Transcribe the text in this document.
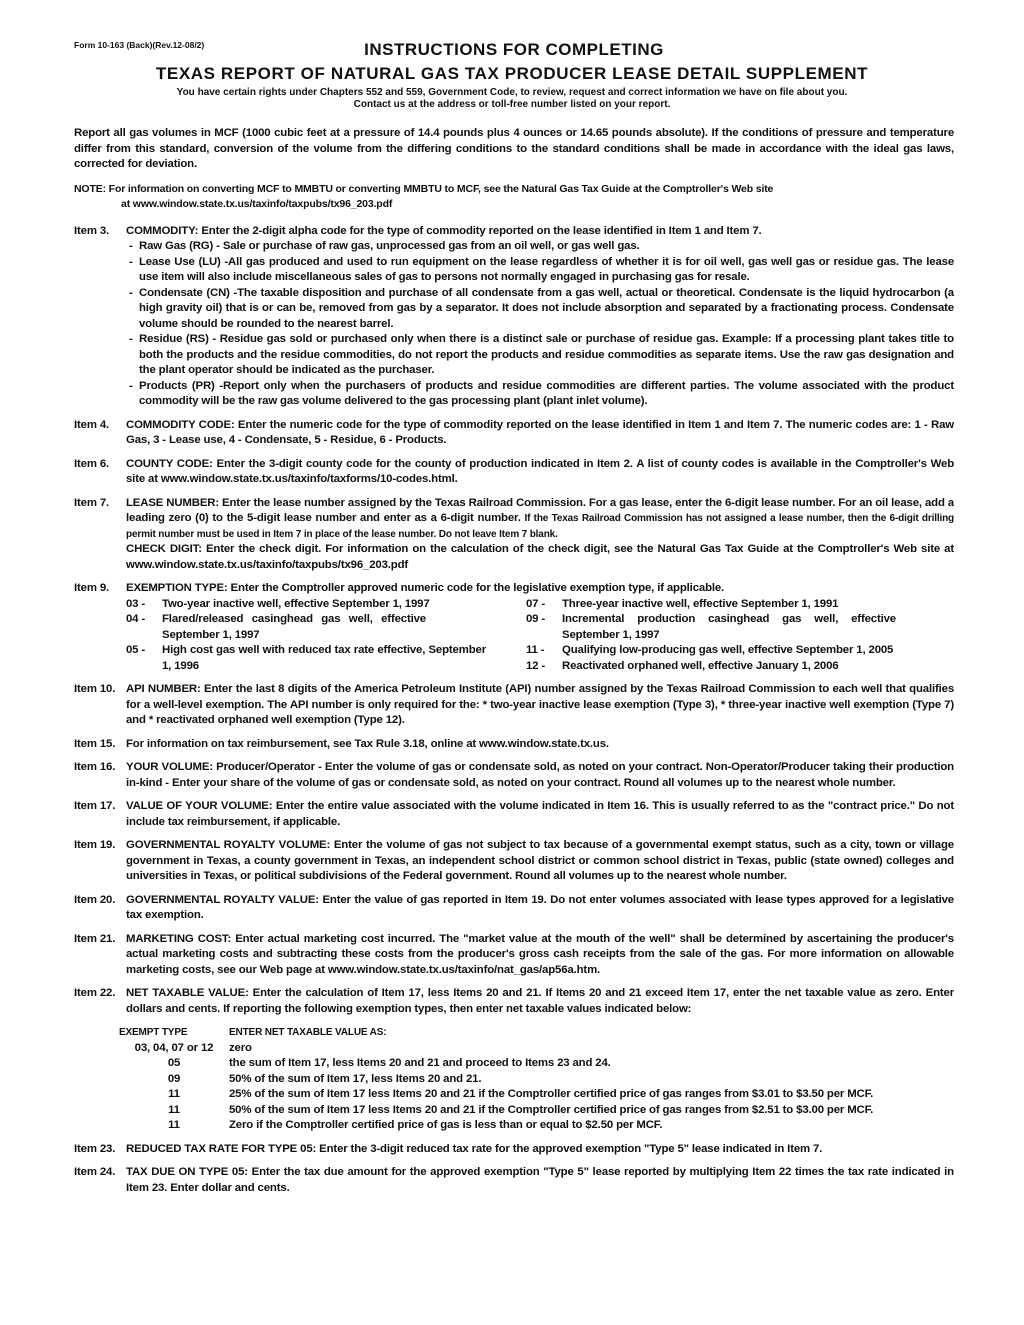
Form 10-163 (Back)(Rev.12-08/2)	INSTRUCTIONS FOR COMPLETING
TEXAS REPORT OF NATURAL GAS TAX PRODUCER LEASE DETAIL SUPPLEMENT
You have certain rights under Chapters 552 and 559, Government Code, to review, request and correct information we have on file about you.
Contact us at the address or toll-free number listed on your report.

Report all gas volumes in MCF (1000 cubic feet at a pressure of 14.4 pounds plus 4 ounces or 14.65 pounds absolute). If the conditions of pressure and temperature differ from this standard, conversion of the volume from the differing conditions to the standard conditions shall be made in accordance with the ideal gas laws, corrected for deviation.

NOTE: For information on converting MCF to MMBTU or converting MMBTU to MCF, see the Natural Gas Tax Guide at the Comptroller's Web site
at www.window.state.tx.us/taxinfo/taxpubs/tx96_203.pdf
Item 3.	COMMODITY: Enter the 2-digit alpha code for the type of commodity reported on the lease identified in Item 1 and Item 7.
- Raw Gas (RG) - Sale or purchase of raw gas, unprocessed gas from an oil well, or gas well gas.
- Lease Use (LU) -All gas produced and used to run equipment on the lease regardless of whether it is for oil well, gas well gas or residue gas. The lease use item will also include miscellaneous sales of gas to persons not normally engaged in purchasing gas for resale.
- Condensate (CN) -The taxable disposition and purchase of all condensate from a gas well, actual or theoretical. Condensate is the liquid hydrocarbon (a high gravity oil) that is or can be, removed from gas by a separator. It does not include absorption and separated by a fractionating process. Condensate volume should be rounded to the nearest barrel.
- Residue (RS) - Residue gas sold or purchased only when there is a distinct sale or purchase of residue gas. Example: If a processing plant takes title to both the products and the residue commodities, do not report the products and residue commodities as separate items. Use the raw gas designation and the plant operator should be indicated as the purchaser.
- Products (PR) -Report only when the purchasers of products and residue commodities are different parties. The volume associated with the product commodity will be the raw gas volume delivered to the gas processing plant (plant inlet volume).
Item 4.	COMMODITY CODE: Enter the numeric code for the type of commodity reported on the lease identified in Item 1 and Item 7. The numeric codes are: 1 - Raw Gas, 3 - Lease use, 4 - Condensate, 5 - Residue, 6 - Products.
Item 6.	COUNTY CODE: Enter the 3-digit county code for the county of production indicated in Item 2. A list of county codes is available in the Comptroller's Web site at www.window.state.tx.us/taxinfo/taxforms/10-codes.html.
Item 7.	LEASE NUMBER: Enter the lease number assigned by the Texas Railroad Commission. For a gas lease, enter the 6-digit lease number. For an oil lease, add a leading zero (0) to the 5-digit lease number and enter as a 6-digit number. If the Texas Railroad Commission has not assigned a lease number, then the 6-digit drilling permit number must be used in Item 7 in place of the lease number. Do not leave Item 7 blank.
CHECK DIGIT: Enter the check digit. For information on the calculation of the check digit, see the Natural Gas Tax Guide at the Comptroller's Web site at www.window.state.tx.us/taxinfo/taxpubs/tx96_203.pdf
Item 9.	EXEMPTION TYPE: Enter the Comptroller approved numeric code for the legislative exemption type, if applicable.
03 -	Two-year inactive well, effective September 1, 1997
04 -	Flared/released casinghead gas well, effective September 1, 1997
05 -	High cost gas well with reduced tax rate effective, September 1, 1996
07 -	Three-year inactive well, effective September 1, 1991
09 -	Incremental production casinghead gas well, effective September 1, 1997
11 -	Qualifying low-producing gas well, effective September 1, 2005
12 -	Reactivated orphaned well, effective January 1, 2006
Item 10. API NUMBER: Enter the last 8 digits of the America Petroleum Institute (API) number assigned by the Texas Railroad Commission to each well that qualifies for a well-level exemption. The API number is only required for the: * two-year inactive lease exemption (Type 3), * three-year inactive well exemption (Type 7) and * reactivated orphaned well exemption (Type 12).
Item 15. For information on tax reimbursement, see Tax Rule 3.18, online at www.window.state.tx.us.
Item 16. YOUR VOLUME: Producer/Operator - Enter the volume of gas or condensate sold, as noted on your contract. Non-Operator/Producer taking their production in-kind - Enter your share of the volume of gas or condensate sold, as noted on your contract. Round all volumes up to the nearest whole number.
Item 17. VALUE OF YOUR VOLUME: Enter the entire value associated with the volume indicated in Item 16. This is usually referred to as the "contract price." Do not include tax reimbursement, if applicable.
Item 19. GOVERNMENTAL ROYALTY VOLUME: Enter the volume of gas not subject to tax because of a governmental exempt status, such as a city, town or village government in Texas, a county government in Texas, an independent school district or common school district in Texas, public (state owned) colleges and universities in Texas, or political subdivisions of the Federal government. Round all volumes up to the nearest whole number.
Item 20. GOVERNMENTAL ROYALTY VALUE: Enter the value of gas reported in Item 19. Do not enter volumes associated with lease types approved for a legislative tax exemption.
Item 21. MARKETING COST: Enter actual marketing cost incurred. The "market value at the mouth of the well" shall be determined by ascertaining the producer's actual marketing costs and subtracting these costs from the producer's gross cash receipts from the sale of the gas. For more information on allowable marketing costs, see our Web page at www.window.state.tx.us/taxinfo/nat_gas/ap56a.htm.
Item 22. NET TAXABLE VALUE: Enter the calculation of Item 17, less Items 20 and 21. If Items 20 and 21 exceed Item 17, enter the net taxable value as zero. Enter dollars and cents. If reporting the following exemption types, then enter net taxable values indicated below:
EXEMPT TYPE	ENTER NET TAXABLE VALUE AS:
03, 04, 07 or 12	zero
05	the sum of Item 17, less Items 20 and 21 and proceed to Items 23 and 24.
09	50% of the sum of Item 17, less Items 20 and 21.
11	25% of the sum of Item 17 less Items 20 and 21 if the Comptroller certified price of gas ranges from $3.01 to $3.50 per MCF.
11	50% of the sum of Item 17 less Items 20 and 21 if the Comptroller certified price of gas ranges from $2.51 to $3.00 per MCF.
11	Zero if the Comptroller certified price of gas is less than or equal to $2.50 per MCF.
Item 23. REDUCED TAX RATE FOR TYPE 05: Enter the 3-digit reduced tax rate for the approved exemption "Type 5" lease indicated in Item 7.
Item 24. TAX DUE ON TYPE 05: Enter the tax due amount for the approved exemption "Type 5" lease reported by multiplying Item 22 times the tax rate indicated in Item 23. Enter dollar and cents.
